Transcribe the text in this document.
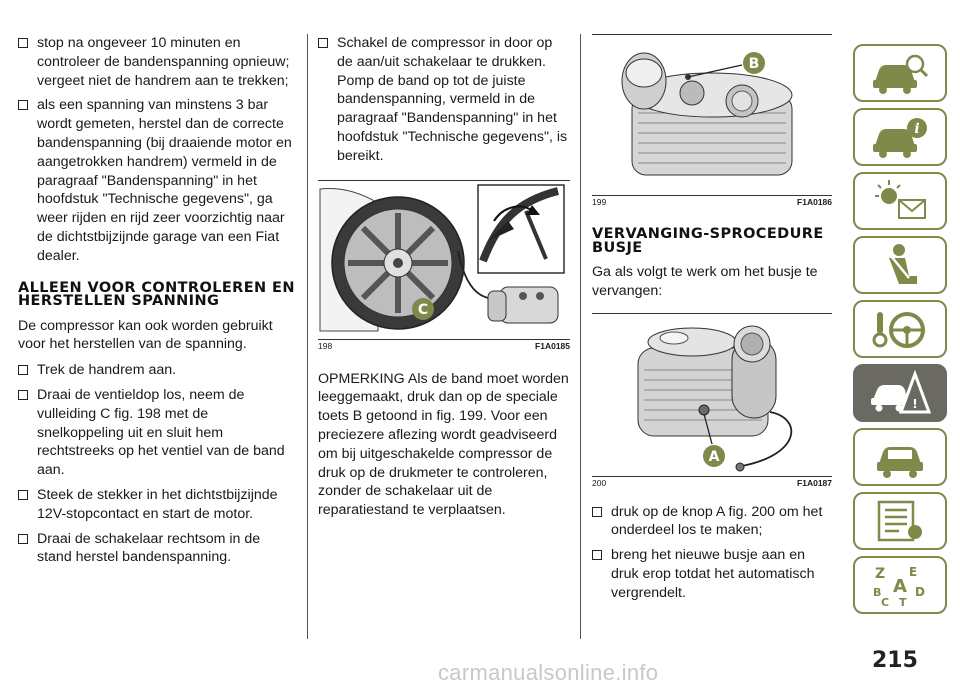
stop na ongeveer 10 minuten en controleer de bandenspanning opnieuw; vergeet niet de handrem aan te trekken;
als een spanning van minstens 3 bar wordt gemeten, herstel dan de correcte bandenspanning (bij draaiende motor en aangetrokken handrem) vermeld in de paragraaf "Bandenspanning" in het hoofdstuk "Technische gegevens", ga weer rijden en rijd zeer voorzichtig naar de dichtstbijzijnde garage van een Fiat dealer.
ALLEEN VOOR CONTROLEREN EN HERSTELLEN SPANNING
De compressor kan ook worden gebruikt voor het herstellen van de spanning.
Trek de handrem aan.
Draai de ventieldop los, neem de vulleiding C fig. 198 met de snelkoppeling uit en sluit hem rechtstreeks op het ventiel van de band aan.
Steek de stekker in het dichtstbijzijnde 12V-stopcontact en start de motor.
Draai de schakelaar rechtsom in de stand herstel bandenspanning.
Schakel de compressor in door op de aan/uit schakelaar te drukken. Pomp de band op tot de juiste bandenspanning, vermeld in de paragraaf "Bandenspanning" in het hoofdstuk "Technische gegevens", is bereikt.
C
198	F1A0185
OPMERKING Als de band moet worden leeggemaakt, druk dan op de speciale toets B getoond in fig. 199. Voor een preciezere aflezing wordt geadviseerd om bij uitgeschakelde compressor de druk op de drukmeter te controleren, zonder de schakelaar uit de reparatiestand te verplaatsen.
B
199	F1A0186
VERVANGING-SPROCEDURE BUSJE
Ga als volgt te werk om het busje te vervangen:
A
200	F1A0187
druk op de knop A fig. 200 om het onderdeel los te maken;
breng het nieuwe busje aan en druk erop totdat het automatisch vergrendelt.
i
!
Z E
A
B	D
C T
215
carmanualsonline.info
